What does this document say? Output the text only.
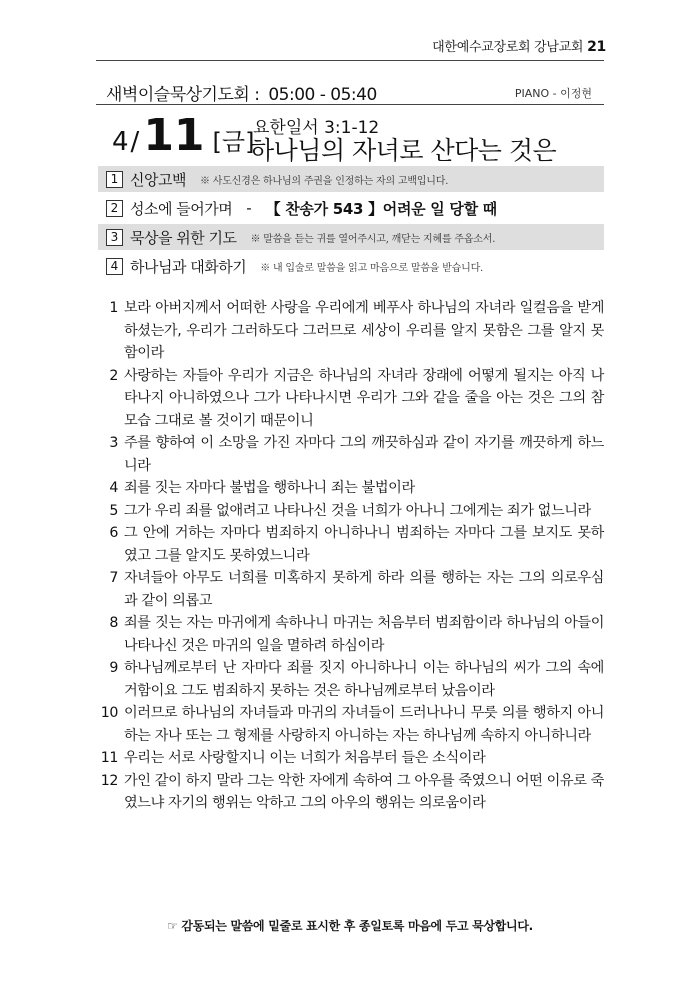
대한예수교장로회 강남교회 21
새벽이슬묵상기도회 : 05:00 - 05:40	PIANO - 이정현
4 / 11 [금]
요한일서 3:1-12
하나님의 자녀로 산다는 것은
1 신앙고백 ※ 사도신경은 하나님의 주권을 인정하는 자의 고백입니다.
2 성소에 들어가며 - 【 찬송가 543 】어려운 일 당할 때
3 묵상을 위한 기도 ※ 말씀을 듣는 귀를 열어주시고, 깨닫는 지혜를 주옵소서.
4 하나님과 대화하기 ※ 내 입술로 말씀을 읽고 마음으로 말씀을 받습니다.
1 보라 아버지께서 어떠한 사랑을 우리에게 베푸사 하나님의 자녀라 일컬음을 받게 하셨는가, 우리가 그러하도다 그러므로 세상이 우리를 알지 못함은 그를 알지 못함이라
2 사랑하는 자들아 우리가 지금은 하나님의 자녀라 장래에 어떻게 될지는 아직 나타나지 아니하였으나 그가 나타나시면 우리가 그와 같을 줄을 아는 것은 그의 참모습 그대로 볼 것이기 때문이니
3 주를 향하여 이 소망을 가진 자마다 그의 깨끗하심과 같이 자기를 깨끗하게 하느니라
4 죄를 짓는 자마다 불법을 행하나니 죄는 불법이라
5 그가 우리 죄를 없애려고 나타나신 것을 너희가 아나니 그에게는 죄가 없느니라
6 그 안에 거하는 자마다 범죄하지 아니하나니 범죄하는 자마다 그를 보지도 못하였고 그를 알지도 못하였느니라
7 자녀들아 아무도 너희를 미혹하지 못하게 하라 의를 행하는 자는 그의 의로우심과 같이 의롭고
8 죄를 짓는 자는 마귀에게 속하나니 마귀는 처음부터 범죄함이라 하나님의 아들이 나타나신 것은 마귀의 일을 멸하려 하심이라
9 하나님께로부터 난 자마다 죄를 짓지 아니하나니 이는 하나님의 씨가 그의 속에 거함이요 그도 범죄하지 못하는 것은 하나님께로부터 났음이라
10 이러므로 하나님의 자녀들과 마귀의 자녀들이 드러나나니 무릇 의를 행하지 아니하는 자나 또는 그 형제를 사랑하지 아니하는 자는 하나님께 속하지 아니하니라
11 우리는 서로 사랑할지니 이는 너희가 처음부터 들은 소식이라
12 가인 같이 하지 말라 그는 악한 자에게 속하여 그 아우를 죽였으니 어떤 이유로 죽였느냐 자기의 행위는 악하고 그의 아우의 행위는 의로움이라
☞ 감동되는 말씀에 밑줄로 표시한 후 종일토록 마음에 두고 묵상합니다.
